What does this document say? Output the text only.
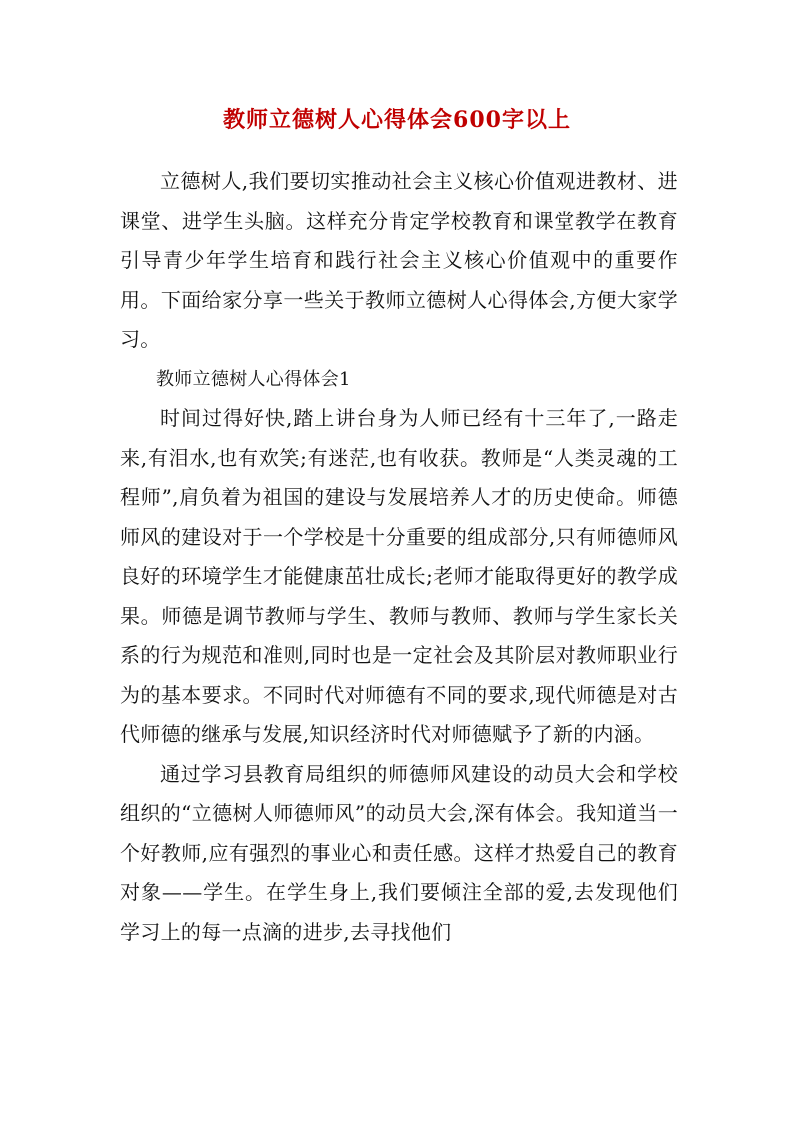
教师立德树人心得体会600字以上

立德树人,我们要切实推动社会主义核心价值观进教材、进课堂、进学生头脑。这样充分肯定学校教育和课堂教学在教育引导青少年学生培育和践行社会主义核心价值观中的重要作用。下面给家分享一些关于教师立德树人心得体会,方便大家学习。

教师立德树人心得体会1

时间过得好快,踏上讲台身为人师已经有十三年了,一路走来,有泪水,也有欢笑;有迷茫,也有收获。教师是“人类灵魂的工程师”,肩负着为祖国的建设与发展培养人才的历史使命。师德师风的建设对于一个学校是十分重要的组成部分,只有师德师风良好的环境学生才能健康茁壮成长;老师才能取得更好的教学成果。师德是调节教师与学生、教师与教师、教师与学生家长关系的行为规范和准则,同时也是一定社会及其阶层对教师职业行为的基本要求。不同时代对师德有不同的要求,现代师德是对古代师德的继承与发展,知识经济时代对师德赋予了新的内涵。

通过学习县教育局组织的师德师风建设的动员大会和学校组织的“立德树人师德师风”的动员大会,深有体会。我知道当一个好教师,应有强烈的事业心和责任感。这样才热爱自己的教育对象——学生。在学生身上,我们要倾注全部的爱,去发现他们学习上的每一点滴的进步,去寻找他们
